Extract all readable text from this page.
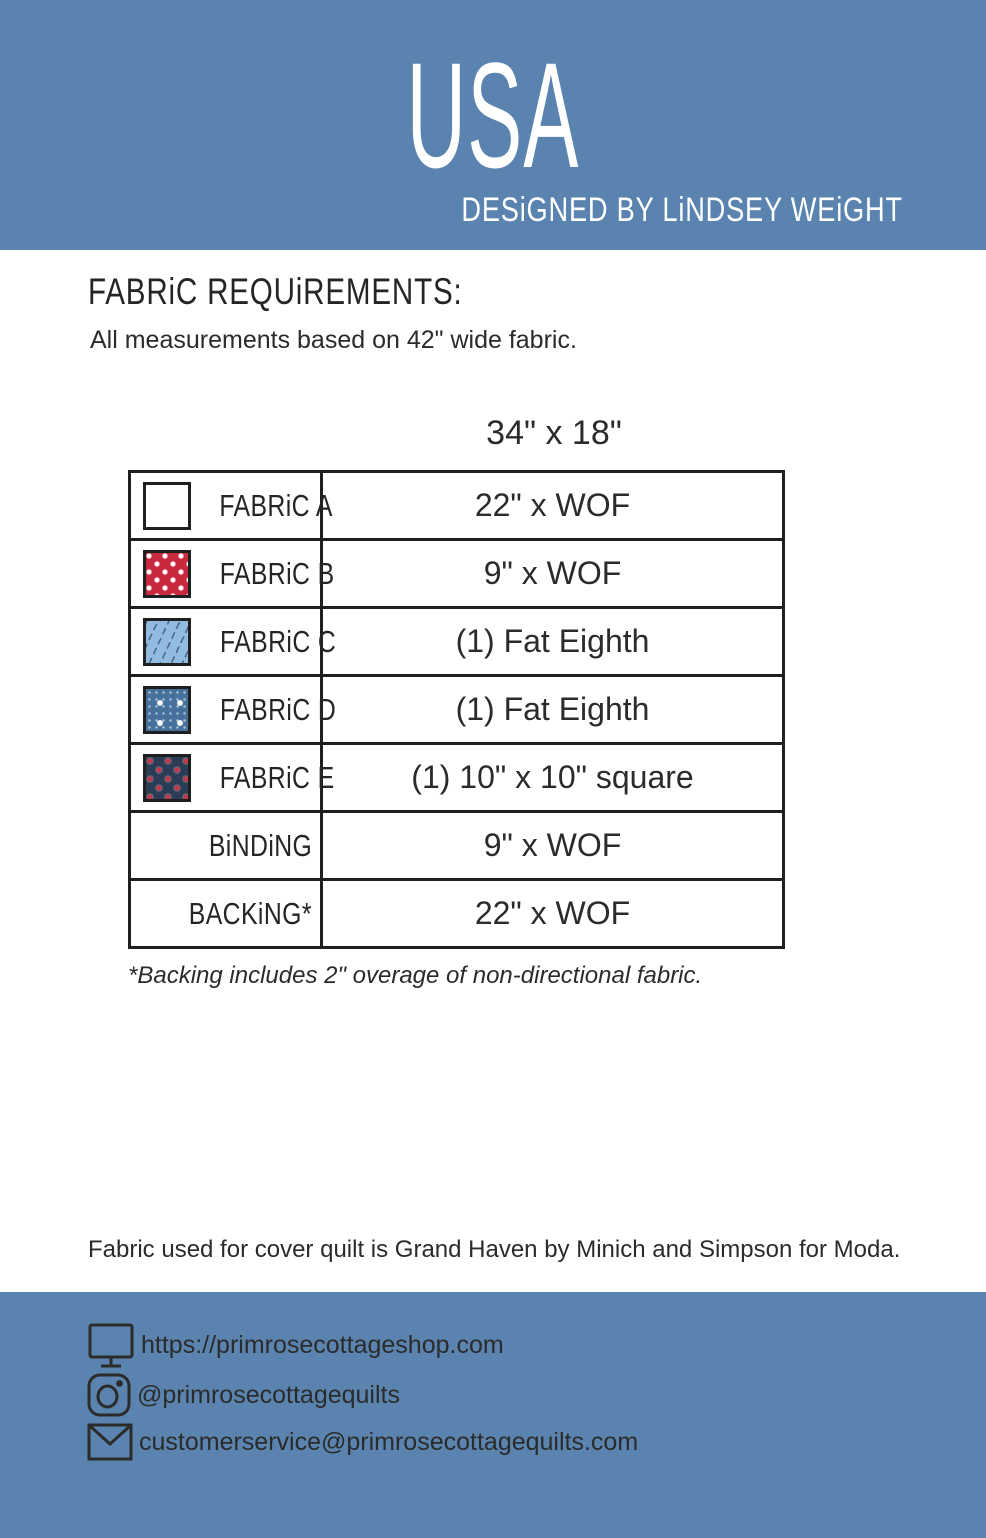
USA
DESiGNED BY LiNDSEY WEiGHT
FABRiC REQUiREMENTS:

All measurements based on 42" wide fabric.

34" x 18"
FABRiC A	22" x WOF
FABRiC B	9" x WOF
FABRiC C	(1) Fat Eighth
FABRiC D	(1) Fat Eighth
FABRiC E	(1) 10" x 10" square
BiNDiNG	9" x WOF
BACKiNG*	22" x WOF

*Backing includes 2" overage of non-directional fabric.

Fabric used for cover quilt is Grand Haven by Minich and Simpson for Moda.

https://primrosecottageshop.com
@primrosecottagequilts
customerservice@primrosecottagequilts.com
